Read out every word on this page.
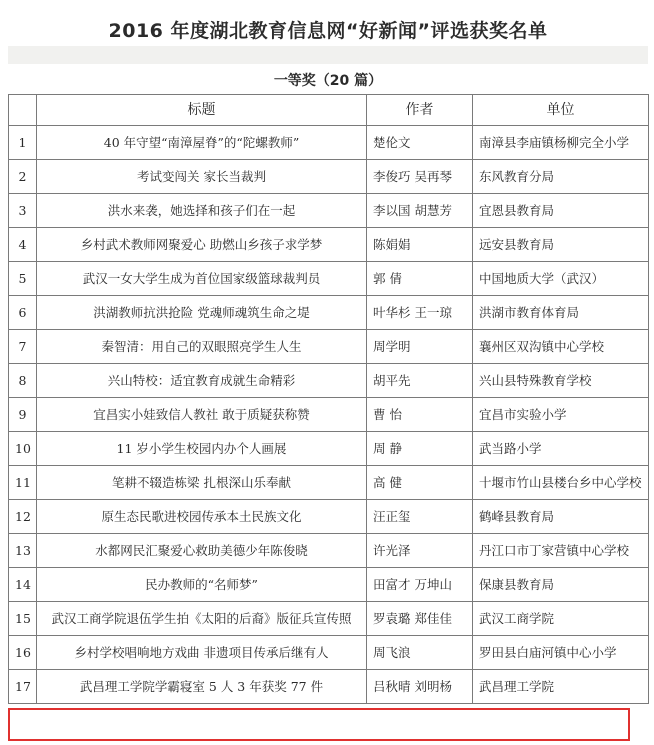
2016 年度湖北教育信息网“好新闻”评选获奖名单
一等奖（20 篇）
	标题	作者	单位
1	40 年守望“南漳屋脊”的“陀螺教师”	楚伦文	南漳县李庙镇杨柳完全小学
2	考试变闯关 家长当裁判	李俊巧 吴再琴	东风教育分局
3	洪水来袭，她选择和孩子们在一起	李以国 胡慧芳	宜恩县教育局
4	乡村武术教师网聚爱心 助燃山乡孩子求学梦	陈娟娟	远安县教育局
5	武汉一女大学生成为首位国家级篮球裁判员	郭 倩	中国地质大学（武汉）
6	洪湖教师抗洪抢险 党魂师魂筑生命之堤	叶华杉 王一琼	洪湖市教育体育局
7	秦智清：用自己的双眼照亮学生人生	周学明	襄州区双沟镇中心学校
8	兴山特校：适宜教育成就生命精彩	胡平先	兴山县特殊教育学校
9	宜昌实小娃致信人教社 敢于质疑获称赞	曹 怡	宜昌市实验小学
10	11 岁小学生校园内办个人画展	周 静	武当路小学
11	笔耕不辍造栋梁 扎根深山乐奉献	高 健	十堰市竹山县楼台乡中心学校
12	原生态民歌进校园传承本土民族文化	汪正玺	鹤峰县教育局
13	水都网民汇聚爱心救助美德少年陈俊晓	许光泽	丹江口市丁家营镇中心学校
14	民办教师的“名师梦”	田富才 万坤山	保康县教育局
15	武汉工商学院退伍学生拍《太阳的后裔》版征兵宣传照	罗袁璐 郑佳佳	武汉工商学院
16	乡村学校唱响地方戏曲 非遗项目传承后继有人	周飞浪	罗田县白庙河镇中心小学
17	武昌理工学院学霸寝室 5 人 3 年获奖 77 件	吕秋晴 刘明杨	武昌理工学院
